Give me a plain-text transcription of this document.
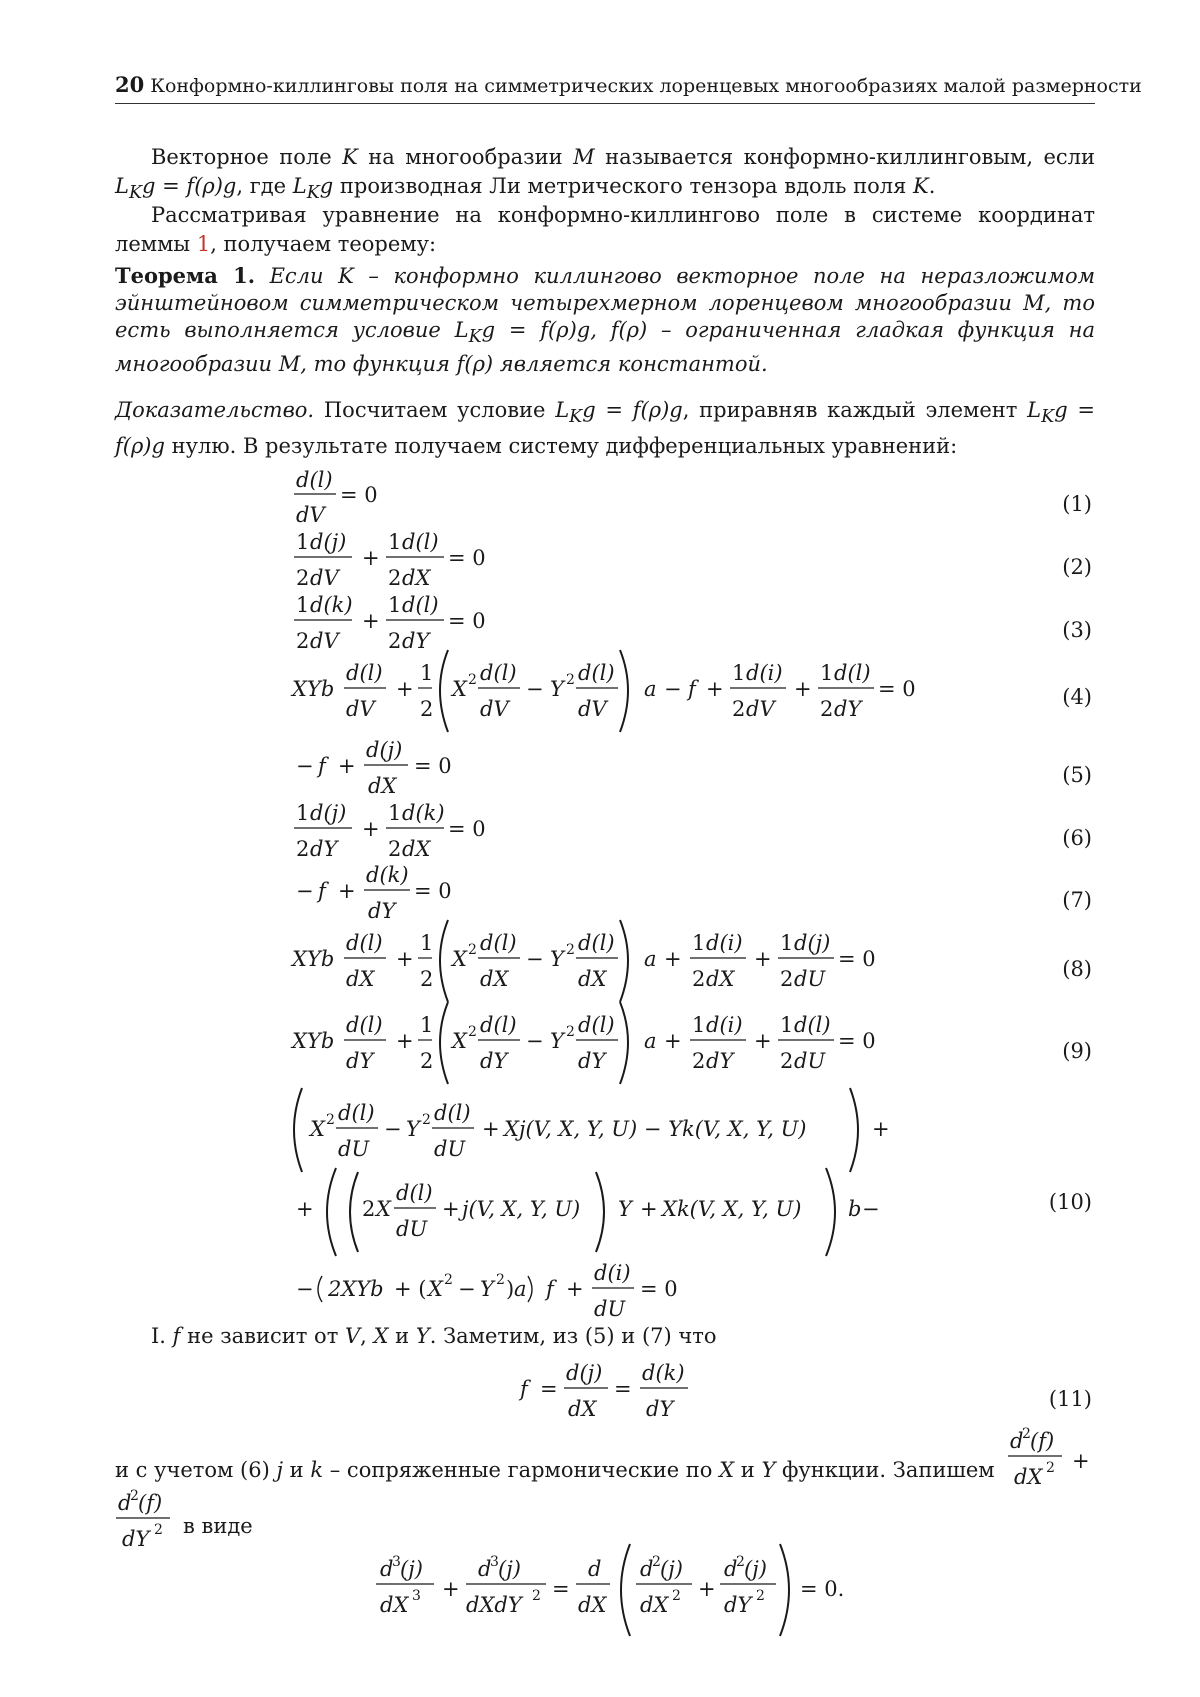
20 Конформно-киллинговы поля на симметрических лоренцевых многообразиях малой размерности
Векторное поле K на многообразии M называется конформно-киллинговым, если $L_Kg = f(\rho)g$, где $L_Kg$ производная Ли метрического тензора вдоль поля K.
Рассматривая уравнение на конформно-киллингово поле в системе координат леммы 1, получаем теорему:
Теорема 1. Если K – конформно киллингово векторное поле на неразложимом эйнштейновом симметрическом четырехмерном лоренцевом многообразии M, то есть выполняется условие $L_Kg = f(\rho)g$, f(ρ) – ограниченная гладкая функция на многообразии M, то функция f(ρ) является константой.
Доказательство. Посчитаем условие $L_Kg = f(\rho)g$, приравняв каждый элемент $L_Kg = f(\rho)g$ нулю. В результате получаем систему дифференциальных уравнений:
(1)
(2)
(3)
(4)
(5)
(6)
(7)
(8)
(9)
(10)
(11)
I. f не зависит от V, X и Y. Заметим, из (5) и (7) что
и с учетом (6) j и k – сопряженные гармонические по X и Y функции. Запишем
в виде
d(l)
dV
= 0
1 d(j)
2 dV
+
1 d(l)
2 dX
= 0
1 d(k)
2 dV
+
1 d(l)
2 dY
= 0
XYb
d(l)
dV
+
1
2
X 2 d(l)
dV
− Y 2 d(l)
dV
a − f +
1 d(i)
2 dV
+
1 d(l)
2 dY
= 0
− f +
d(j)
dX
= 0
1 d(j)
2 dY
+
1 d(k)
2 dX
= 0
− f +
d(k)
dY
= 0
XYb
d(l)
dX
+
1
2
X 2 d(l)
dX
− Y 2 d(l)
dX
a +
1 d(i)
2 dX
+
1 d(j)
2 dU
= 0
XYb
d(l)
dY
+
1
2
X 2 d(l)
dY
− Y 2 d(l)
dY
a +
1 d(i)
2 dY
+
1 d(l)
2 dU
= 0
X 2 d(l)
dU
− Y 2 d(l)
dU
+ Xj(V, X, Y, U) − Yk(V, X, Y, U)	+
+ 2 X
d(l)
dU
+ j(V, X, Y, U) Y + Xk(V, X, Y, U) b −
− 2XYb + ( X 2 − Y 2 ) a f +
d(i)
dU
= 0
f =
d(j)
dX
=
d(k)
dY
d
2 (f)
dX 2 +
d
2 (f)
dY 2
d
3 (j)
dX 3 +
d
3 (j)
dXdY 2 =
d
dX
d
2 (j)
dX 2 +
d
2 (j)
dY 2 = 0.
